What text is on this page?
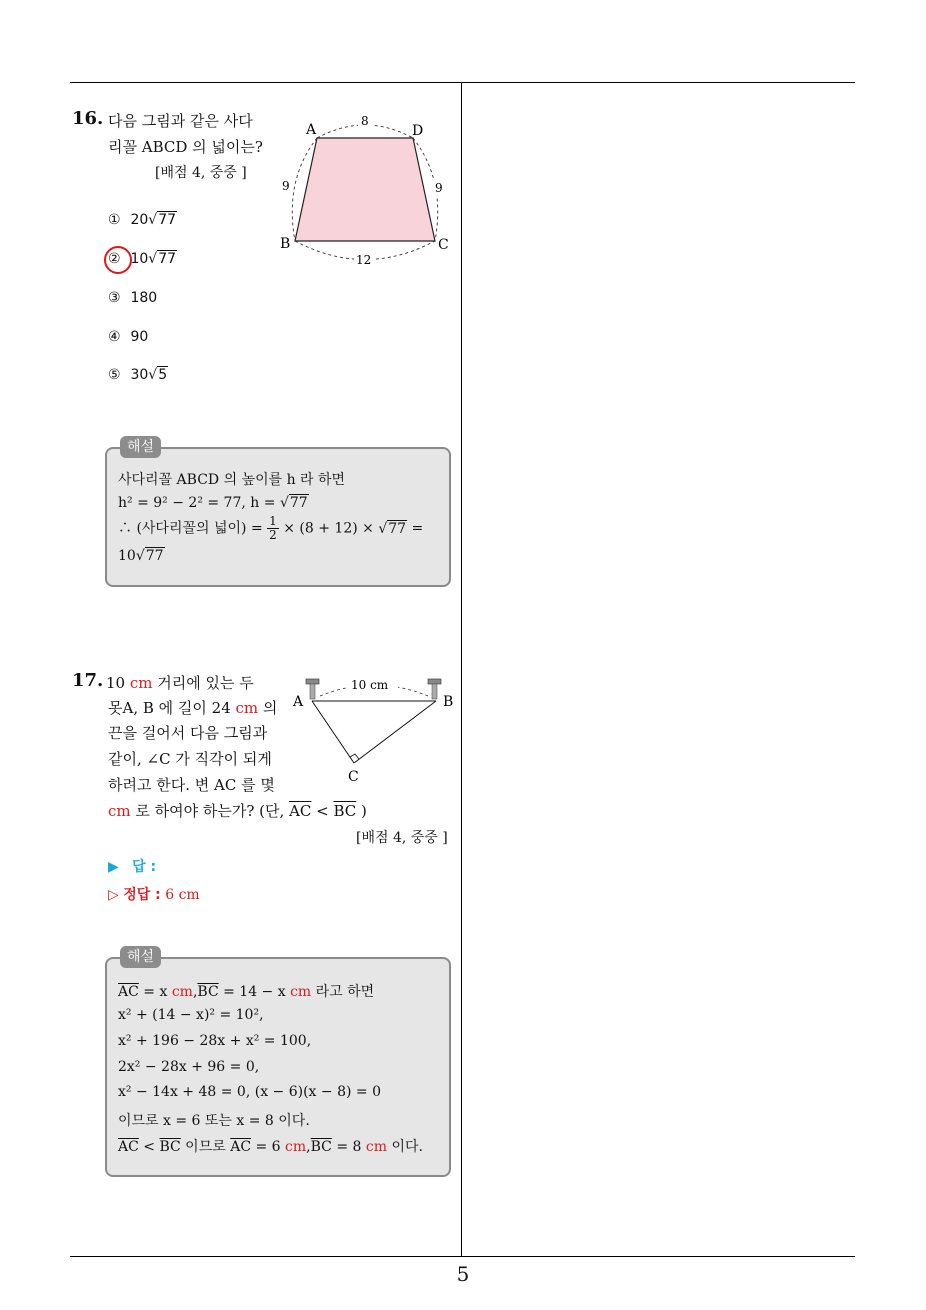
5
16. 다음 그림과 같은 사다
리꼴 ABCD 의 넓이는?
[배점 4, 중중 ]
A	D
B	C
8
12
9	9
① 20√77
② 10√77
③ 180
④ 90
⑤ 30√5
해설
사다리꼴 ABCD 의 높이를 h 라 하면
h² = 9² − 2² = 77, h = √77
∴ (사다리꼴의 넓이) = $\frac{1}{2} \times (8 + 12) \times √77$ =
10√77
17. 10 cm 거리에 있는 두
못A, B 에 길이 24 cm 의
끈을 걸어서 다음 그림과
같이, ∠C 가 직각이 되게
하려고 한다. 변 AC 를 몇
cm 로 하여야 하는가? (단, $\overline{AC} < \overline{BC}$ )
[배점 4, 중중 ]
10 cm
A	B
C
▶ 답 :
▷ 정답 : 6 cm
해설
$\overline{AC} = x$ $cm,\overline{BC} = 14 - x$ cm 라고 하면
x² + (14 − x)² = 10²,
x² + 196 − 28x + x² = 100,
2x² − 28x + 96 = 0,
x² − 14x + 48 = 0, (x − 6)(x − 8) = 0
이므로 x = 6 또는 x = 8 이다.
$\overline{AC} < \overline{BC}$ 이므로 $\overline{AC} = 6$ $cm,\overline{BC} = 8$ cm 이다.
